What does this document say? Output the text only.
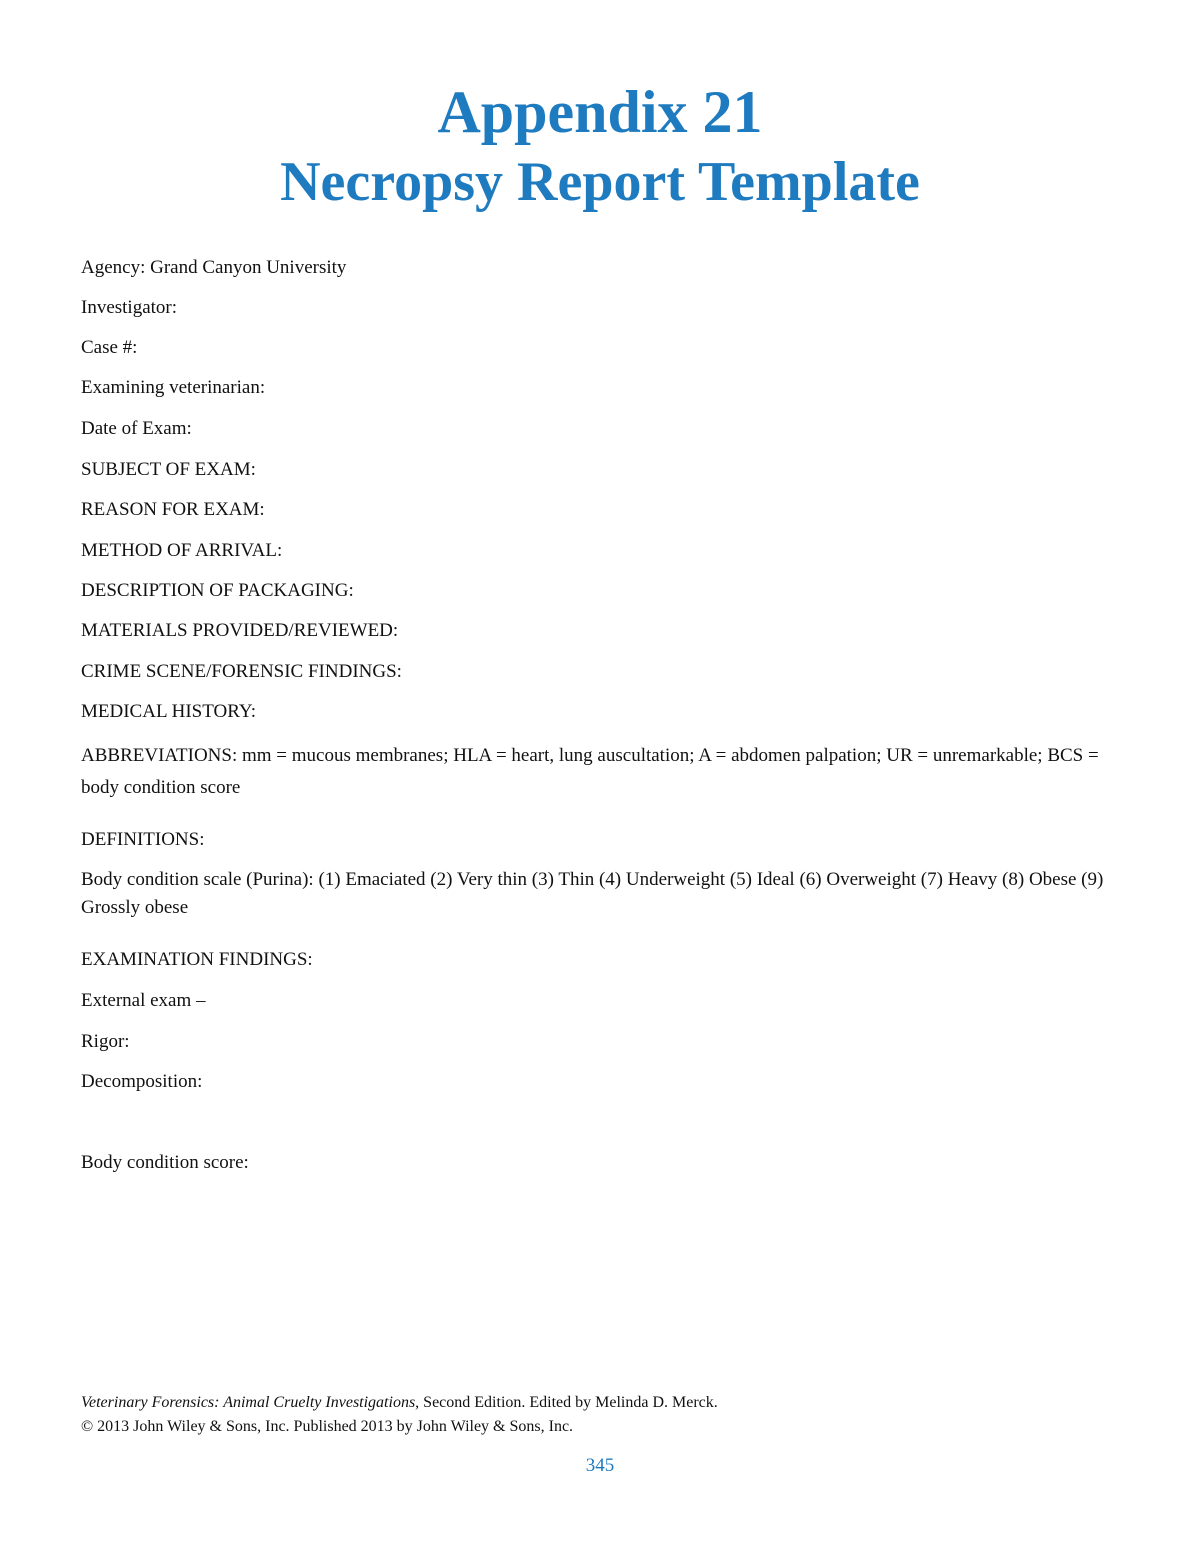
Appendix 21
Necropsy Report Template
Agency: Grand Canyon University
Investigator:
Case #:
Examining veterinarian:
Date of Exam:
SUBJECT OF EXAM:
REASON FOR EXAM:
METHOD OF ARRIVAL:
DESCRIPTION OF PACKAGING:
MATERIALS PROVIDED/REVIEWED:
CRIME SCENE/FORENSIC FINDINGS:
MEDICAL HISTORY:
ABBREVIATIONS: mm = mucous membranes; HLA = heart, lung auscultation; A = abdomen palpation; UR = unremarkable; BCS = body condition score
DEFINITIONS:
Body condition scale (Purina): (1) Emaciated (2) Very thin (3) Thin (4) Underweight (5) Ideal (6) Overweight (7) Heavy (8) Obese (9) Grossly obese
EXAMINATION FINDINGS:
External exam –
Rigor:
Decomposition:
Body condition score:
Veterinary Forensics: Animal Cruelty Investigations, Second Edition. Edited by Melinda D. Merck.
© 2013 John Wiley & Sons, Inc. Published 2013 by John Wiley & Sons, Inc.
345
